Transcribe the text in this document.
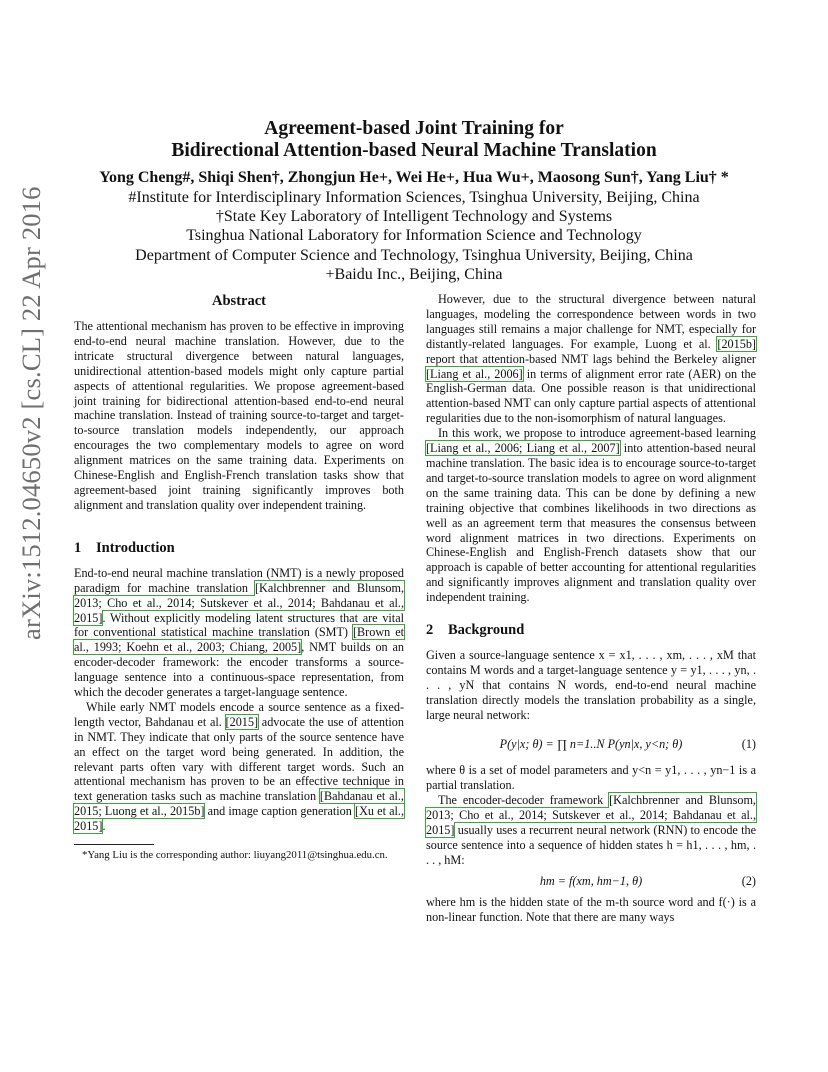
arXiv:1512.04650v2 [cs.CL] 22 Apr 2016
Agreement-based Joint Training for
Bidirectional Attention-based Neural Machine Translation
Yong Cheng#, Shiqi Shen†, Zhongjun He+, Wei He+, Hua Wu+, Maosong Sun†, Yang Liu† *
#Institute for Interdisciplinary Information Sciences, Tsinghua University, Beijing, China
†State Key Laboratory of Intelligent Technology and Systems
Tsinghua National Laboratory for Information Science and Technology
Department of Computer Science and Technology, Tsinghua University, Beijing, China
+Baidu Inc., Beijing, China
Abstract

The attentional mechanism has proven to be effective in improving end-to-end neural machine translation. However, due to the intricate structural divergence between natural languages, unidirectional attention-based models might only capture partial aspects of attentional regularities. We propose agreement-based joint training for bidirectional attention-based end-to-end neural machine translation. Instead of training source-to-target and target-to-source translation models independently, our approach encourages the two complementary models to agree on word alignment matrices on the same training data. Experiments on Chinese-English and English-French translation tasks show that agreement-based joint training significantly improves both alignment and translation quality over independent training.

1 Introduction

End-to-end neural machine translation (NMT) is a newly proposed paradigm for machine translation [Kalchbrenner and Blunsom, 2013; Cho et al., 2014; Sutskever et al., 2014; Bahdanau et al., 2015]. Without explicitly modeling latent structures that are vital for conventional statistical machine translation (SMT) [Brown et al., 1993; Koehn et al., 2003; Chiang, 2005], NMT builds on an encoder-decoder framework: the encoder transforms a source-language sentence into a continuous-space representation, from which the decoder generates a target-language sentence.

While early NMT models encode a source sentence as a fixed-length vector, Bahdanau et al. [2015] advocate the use of attention in NMT. They indicate that only parts of the source sentence have an effect on the target word being generated. In addition, the relevant parts often vary with different target words. Such an attentional mechanism has proven to be an effective technique in text generation tasks such as machine translation [Bahdanau et al., 2015; Luong et al., 2015b] and image caption generation [Xu et al., 2015].

*Yang Liu is the corresponding author: liuyang2011@tsinghua.edu.cn.

However, due to the structural divergence between natural languages, modeling the correspondence between words in two languages still remains a major challenge for NMT, especially for distantly-related languages. For example, Luong et al. [2015b] report that attention-based NMT lags behind the Berkeley aligner [Liang et al., 2006] in terms of alignment error rate (AER) on the English-German data. One possible reason is that unidirectional attention-based NMT can only capture partial aspects of attentional regularities due to the non-isomorphism of natural languages.

In this work, we propose to introduce agreement-based learning [Liang et al., 2006; Liang et al., 2007] into attention-based neural machine translation. The basic idea is to encourage source-to-target and target-to-source translation models to agree on word alignment on the same training data. This can be done by defining a new training objective that combines likelihoods in two directions as well as an agreement term that measures the consensus between word alignment matrices in two directions. Experiments on Chinese-English and English-French datasets show that our approach is capable of better accounting for attentional regularities and significantly improves alignment and translation quality over independent training.

2 Background

Given a source-language sentence x = x1, . . . , xm, . . . , xM that contains M words and a target-language sentence y = y1, . . . , yn, . . . , yN that contains N words, end-to-end neural machine translation directly models the translation probability as a single, large neural network:

P(y|x; θ) = ∏ n=1..N P(yn|x, y<n; θ)	(1)

where θ is a set of model parameters and y<n = y1, . . . , yn−1 is a partial translation.

The encoder-decoder framework [Kalchbrenner and Blunsom, 2013; Cho et al., 2014; Sutskever et al., 2014; Bahdanau et al., 2015] usually uses a recurrent neural network (RNN) to encode the source sentence into a sequence of hidden states h = h1, . . . , hm, . . . , hM:

hm = f(xm, hm−1, θ)	(2)

where hm is the hidden state of the m-th source word and f(·) is a non-linear function. Note that there are many ways
